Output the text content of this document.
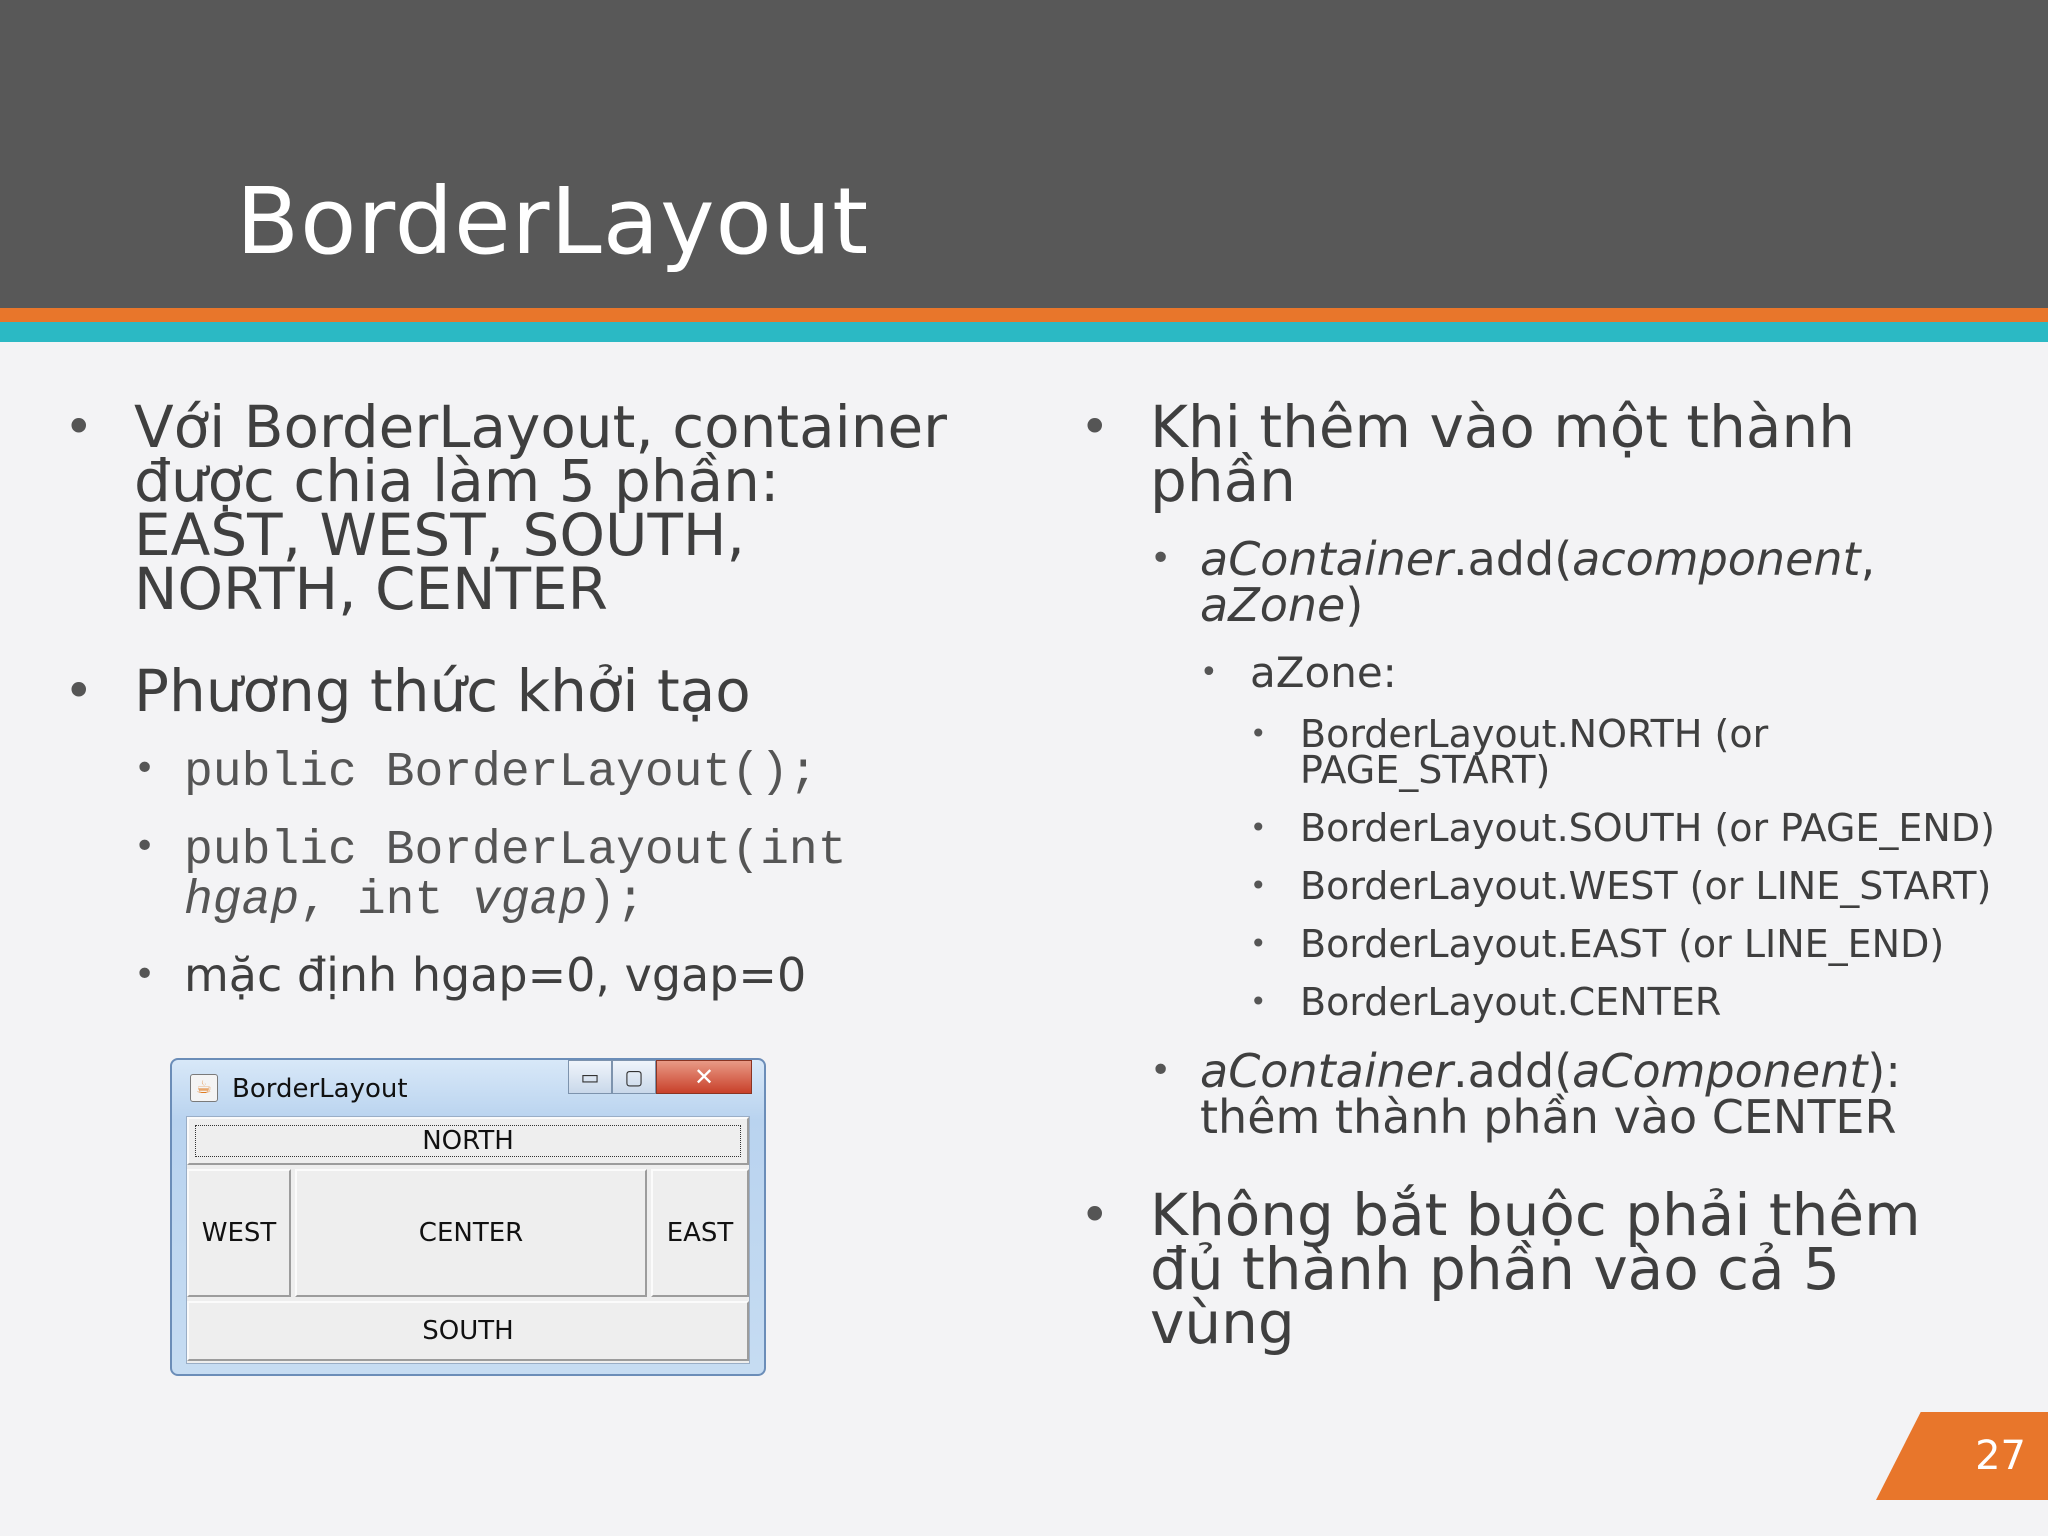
BorderLayout
• Với BorderLayout, container được chia làm 5 phần: EAST, WEST, SOUTH, NORTH, CENTER
• Phương thức khởi tạo
• public BorderLayout();
• public BorderLayout(int hgap, int vgap);
• mặc định hgap=0, vgap=0
☕ BorderLayout	▭	▢	✕
NORTH
WEST	CENTER	EAST
SOUTH
• Khi thêm vào một thành phần
• aContainer.add(acomponent, aZone)
• aZone:
• BorderLayout.NORTH (or PAGE_START)
• BorderLayout.SOUTH (or PAGE_END)
• BorderLayout.WEST (or LINE_START)
• BorderLayout.EAST (or LINE_END)
• BorderLayout.CENTER
• aContainer.add(aComponent): thêm thành phần vào CENTER
• Không bắt buộc phải thêm đủ thành phần vào cả 5 vùng
27
